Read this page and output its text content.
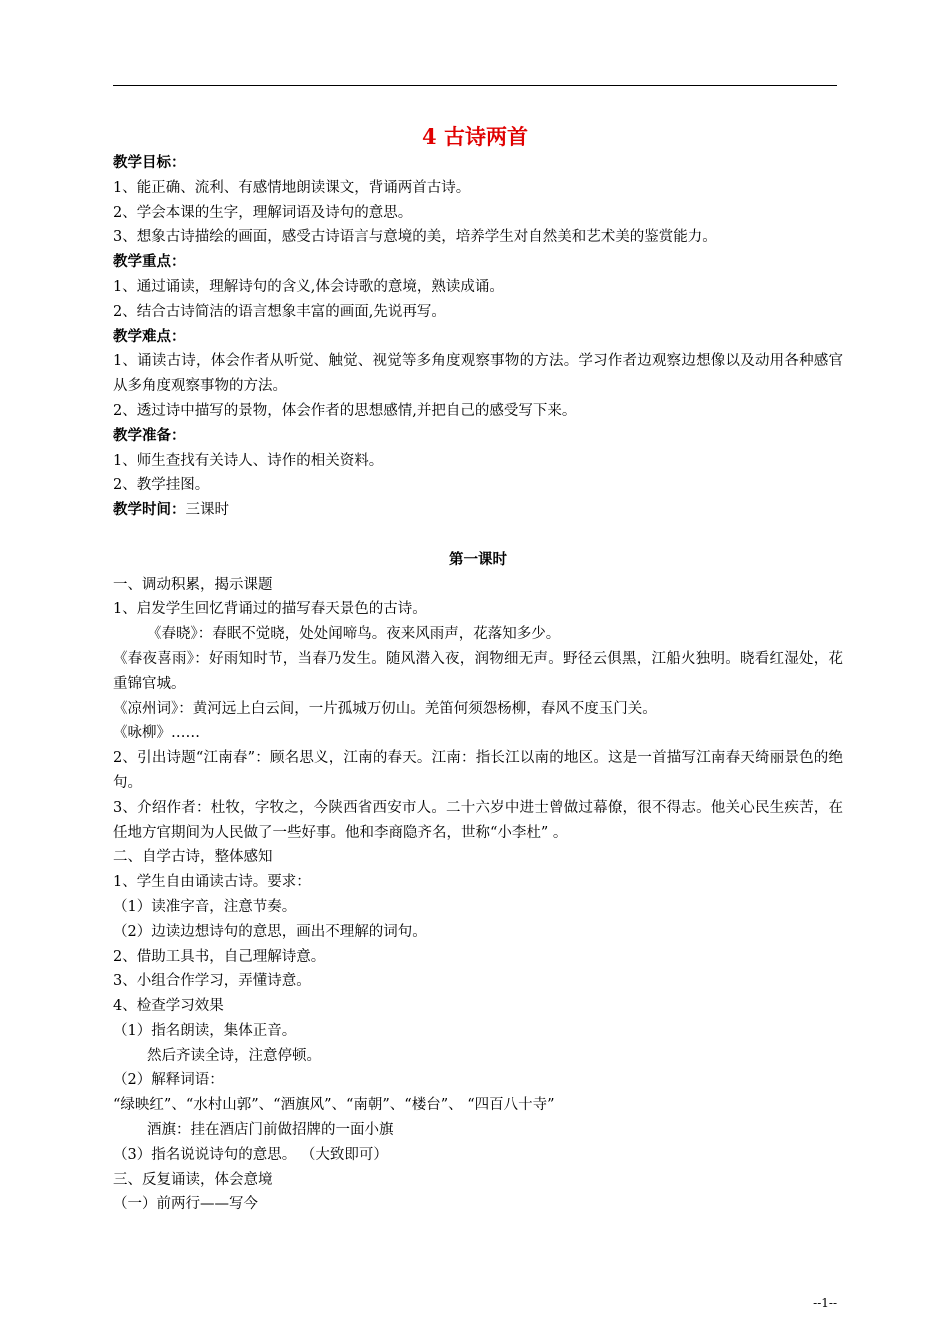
4 古诗两首

教学目标：

1、能正确、流利、有感情地朗读课文，背诵两首古诗。

2、学会本课的生字，理解词语及诗句的意思。

3、想象古诗描绘的画面，感受古诗语言与意境的美，培养学生对自然美和艺术美的鉴赏能力。

教学重点：

1、通过诵读，理解诗句的含义,体会诗歌的意境，熟读成诵。

2、结合古诗简洁的语言想象丰富的画面,先说再写。

教学难点：

1、诵读古诗，体会作者从听觉、触觉、视觉等多角度观察事物的方法。学习作者边观察边想像以及动用各种感官从多角度观察事物的方法。

2、透过诗中描写的景物，体会作者的思想感情,并把自己的感受写下来。

教学准备：

1、师生查找有关诗人、诗作的相关资料。

2、教学挂图。

教学时间：三课时

第一课时

一、调动积累，揭示课题

1、启发学生回忆背诵过的描写春天景色的古诗。

《春晓》：春眠不觉晓，处处闻啼鸟。夜来风雨声，花落知多少。

《春夜喜雨》：好雨知时节，当春乃发生。随风潜入夜，润物细无声。野径云俱黑，江船火独明。晓看红湿处，花重锦官城。

《凉州词》：黄河远上白云间，一片孤城万仞山。羌笛何须怨杨柳，春风不度玉门关。

《咏柳》……

2、引出诗题“江南春”：顾名思义，江南的春天。江南：指长江以南的地区。这是一首描写江南春天绮丽景色的绝句。

3、介绍作者：杜牧，字牧之，今陕西省西安市人。二十六岁中进士曾做过幕僚，很不得志。他关心民生疾苦，在任地方官期间为人民做了一些好事。他和李商隐齐名，世称“小李杜” 。

二、自学古诗，整体感知

1、学生自由诵读古诗。要求：

（1）读准字音，注意节奏。

（2）边读边想诗句的意思，画出不理解的词句。

2、借助工具书，自己理解诗意。

3、小组合作学习，弄懂诗意。

4、检查学习效果

（1）指名朗读，集体正音。

然后齐读全诗，注意停顿。

（2）解释词语：

“绿映红”、“水村山郭”、“酒旗风”、“南朝”、“楼台”、 “四百八十寺”

酒旗：挂在酒店门前做招牌的一面小旗

（3）指名说说诗句的意思。 （大致即可）

三、反复诵读，体会意境

（一）前两行——写今

--1--
